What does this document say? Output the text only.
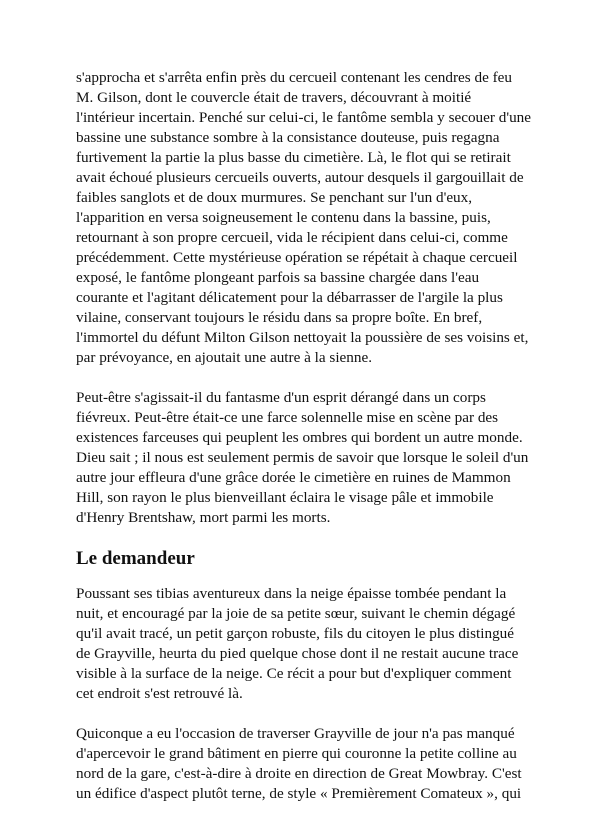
s'approcha et s'arrêta enfin près du cercueil contenant les cendres de feu M. Gilson, dont le couvercle était de travers, découvrant à moitié l'intérieur incertain. Penché sur celui-ci, le fantôme sembla y secouer d'une bassine une substance sombre à la consistance douteuse, puis regagna furtivement la partie la plus basse du cimetière. Là, le flot qui se retirait avait échoué plusieurs cercueils ouverts, autour desquels il gargouillait de faibles sanglots et de doux murmures. Se penchant sur l'un d'eux, l'apparition en versa soigneusement le contenu dans la bassine, puis, retournant à son propre cercueil, vida le récipient dans celui-ci, comme précédemment. Cette mystérieuse opération se répétait à chaque cercueil exposé, le fantôme plongeant parfois sa bassine chargée dans l'eau courante et l'agitant délicatement pour la débarrasser de l'argile la plus vilaine, conservant toujours le résidu dans sa propre boîte. En bref, l'immortel du défunt Milton Gilson nettoyait la poussière de ses voisins et, par prévoyance, en ajoutait une autre à la sienne.

Peut-être s'agissait-il du fantasme d'un esprit dérangé dans un corps fiévreux. Peut-être était-ce une farce solennelle mise en scène par des existences farceuses qui peuplent les ombres qui bordent un autre monde. Dieu sait ; il nous est seulement permis de savoir que lorsque le soleil d'un autre jour effleura d'une grâce dorée le cimetière en ruines de Mammon Hill, son rayon le plus bienveillant éclaira le visage pâle et immobile d'Henry Brentshaw, mort parmi les morts.

Le demandeur

Poussant ses tibias aventureux dans la neige épaisse tombée pendant la nuit, et encouragé par la joie de sa petite sœur, suivant le chemin dégagé qu'il avait tracé, un petit garçon robuste, fils du citoyen le plus distingué de Grayville, heurta du pied quelque chose dont il ne restait aucune trace visible à la surface de la neige. Ce récit a pour but d'expliquer comment cet endroit s'est retrouvé là.

Quiconque a eu l'occasion de traverser Grayville de jour n'a pas manqué d'apercevoir le grand bâtiment en pierre qui couronne la petite colline au nord de la gare, c'est-à-dire à droite en direction de Great Mowbray. C'est un édifice d'aspect plutôt terne, de style « Premièrement Comateux », qui
